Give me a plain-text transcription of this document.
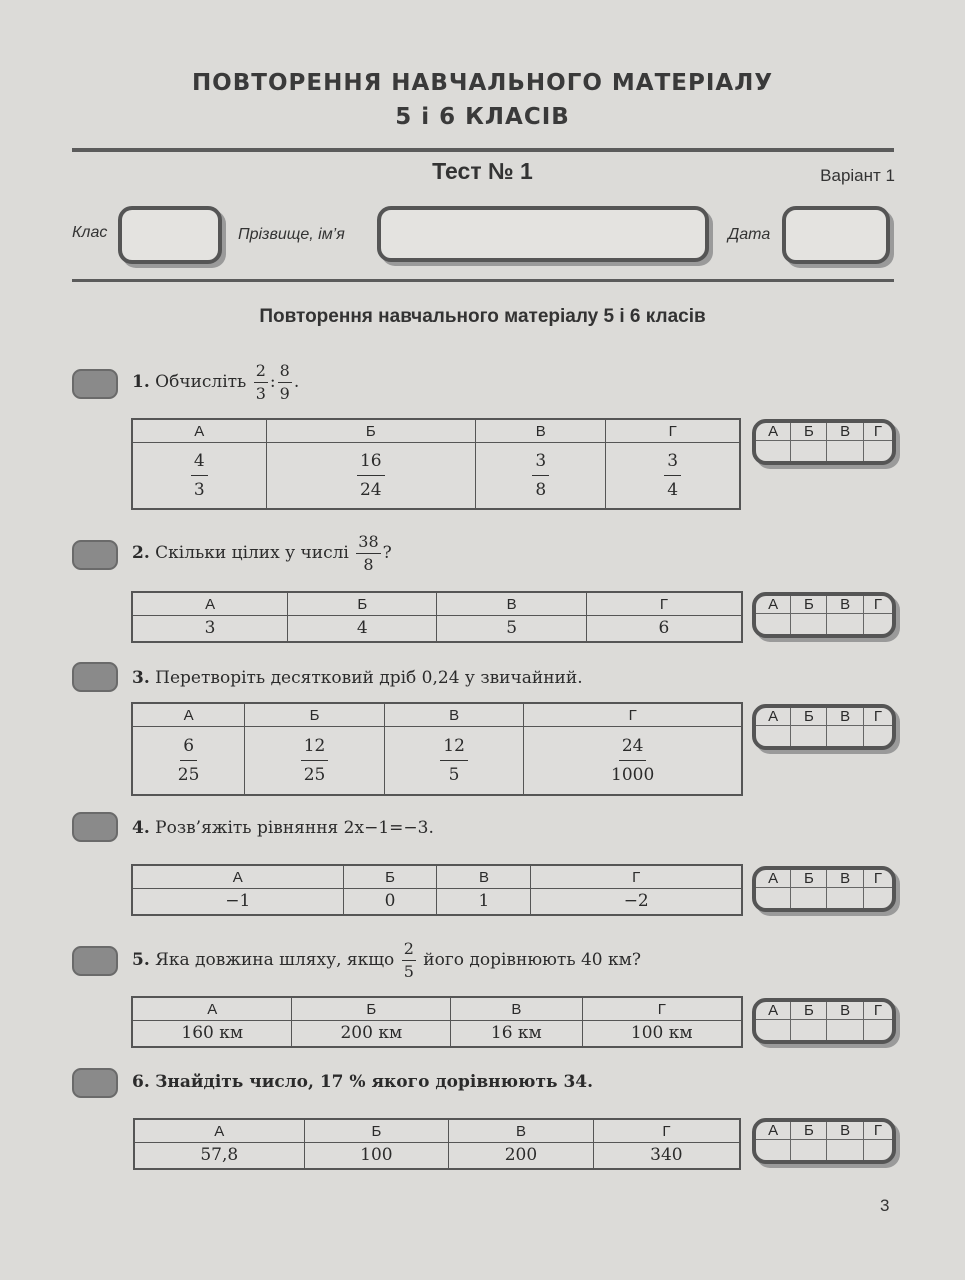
ПОВТОРЕННЯ НАВЧАЛЬНОГО МАТЕРІАЛУ
5 і 6 КЛАСІВ
Тест № 1	Варіант 1
Клас	Прізвище, ім’я	Дата
Повторення навчального матеріалу 5 і 6 класів
1. Обчисліть $\frac{2}{3}$ : $\frac{8}{9}$ .
А	Б	В	Г

$\frac{4}{3}$	$\frac{16}{24}$	$\frac{3}{8}$	$\frac{3}{4}$
А	Б	В	Г

2. Скільки цілих у числі $\frac{38}{8}$ ?
А	Б	В	Г
3	4	5	6
А	Б	В	Г

3. Перетворіть десятковий дріб 0,24 у звичайний.
А	Б	В	Г

$\frac{6}{25}$	$\frac{12}{25}$	$\frac{12}{5}$	$\frac{24}{1000}$
А	Б	В	Г

4. Розв’яжіть рівняння 2x−1=−3.
А	Б	В	Г
−1	0	1	−2
А	Б	В	Г

5. Яка довжина шляху, якщо $\frac{2}{5}$ його дорівнюють 40 км?
А	Б	В	Г
160 км	200 км	16 км	100 км
А	Б	В	Г

6. Знайдіть число, 17 % якого дорівнюють 34.
А	Б	В	Г
57,8	100	200	340
А	Б	В	Г

3
